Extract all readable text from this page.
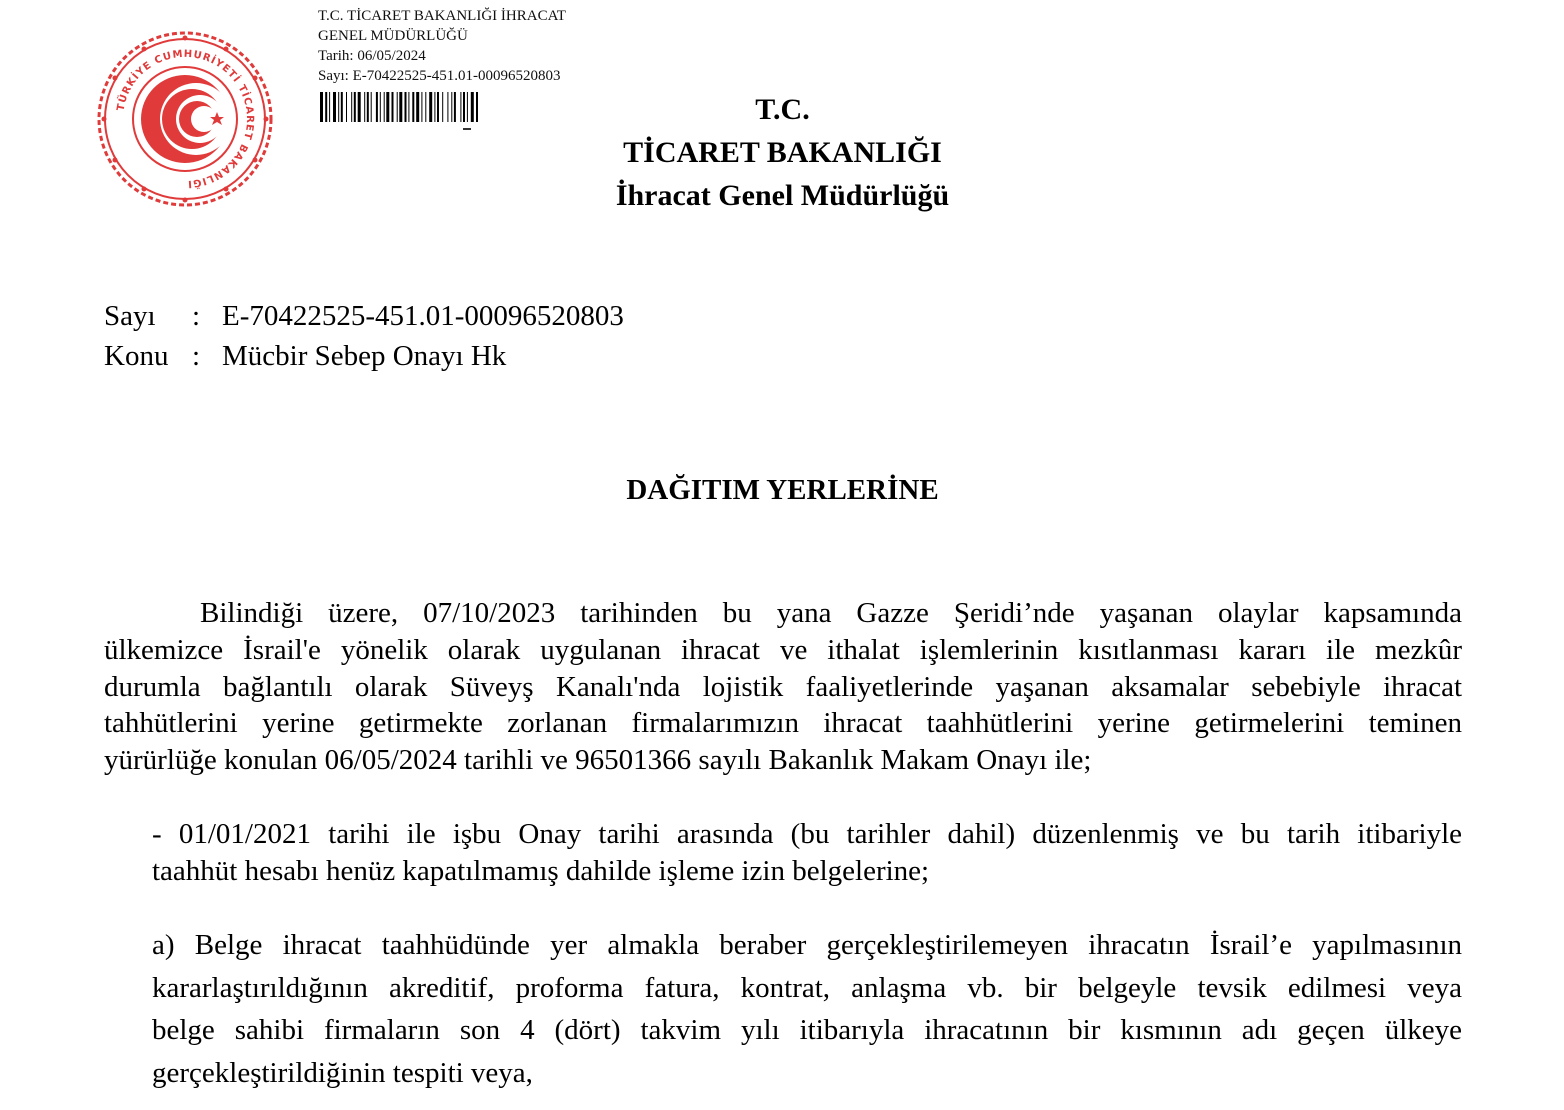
TÜRKİYE CUMHURİYETİ TİCARET BAKANLIĞI
T.C. TİCARET BAKANLIĞI İHRACAT
GENEL MÜDÜRLÜĞÜ
Tarih: 06/05/2024
Sayı: E-70422525-451.01-00096520803
T.C.
TİCARET BAKANLIĞI
İhracat Genel Müdürlüğü
Sayı : E-70422525-451.01-00096520803
Konu : Mücbir Sebep Onayı Hk
DAĞITIM YERLERİNE
Bilindiği üzere, 07/10/2023 tarihinden bu yana Gazze Şeridi’nde yaşanan olaylar kapsamında
ülkemizce İsrail'e yönelik olarak uygulanan ihracat ve ithalat işlemlerinin kısıtlanması kararı ile mezkûr
durumla bağlantılı olarak Süveyş Kanalı'nda lojistik faaliyetlerinde yaşanan aksamalar sebebiyle ihracat
tahhütlerini yerine getirmekte zorlanan firmalarımızın ihracat taahhütlerini yerine getirmelerini teminen
yürürlüğe konulan 06/05/2024 tarihli ve 96501366 sayılı Bakanlık Makam Onayı ile;
- 01/01/2021 tarihi ile işbu Onay tarihi arasında (bu tarihler dahil) düzenlenmiş ve bu tarih itibariyle
taahhüt hesabı henüz kapatılmamış dahilde işleme izin belgelerine;
a) Belge ihracat taahhüdünde yer almakla beraber gerçekleştirilemeyen ihracatın İsrail’e yapılmasının
kararlaştırıldığının akreditif, proforma fatura, kontrat, anlaşma vb. bir belgeyle tevsik edilmesi veya
belge sahibi firmaların son 4 (dört) takvim yılı itibarıyla ihracatının bir kısmının adı geçen ülkeye
gerçekleştirildiğinin tespiti veya,
